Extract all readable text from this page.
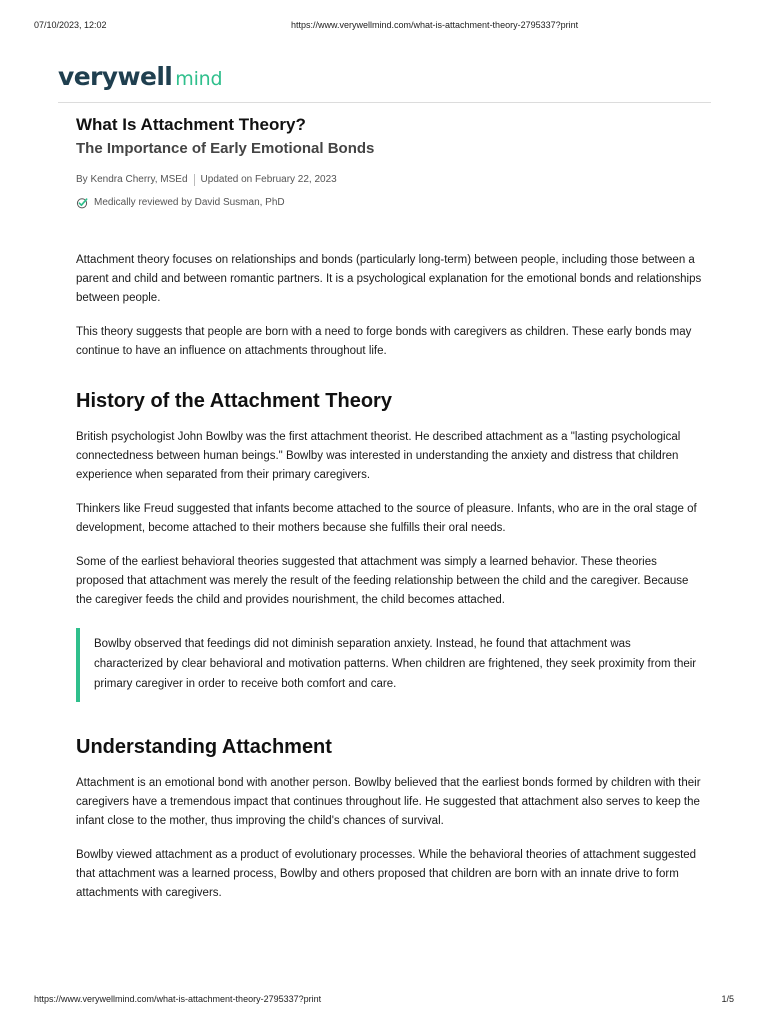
07/10/2023, 12:02	https://www.verywellmind.com/what-is-attachment-theory-2795337?print
verywell mind
What Is Attachment Theory?
The Importance of Early Emotional Bonds
By Kendra Cherry, MSEd Updated on February 22, 2023
Medically reviewed by David Susman, PhD

Attachment theory focuses on relationships and bonds (particularly long-term) between people, including those between a parent and child and between romantic partners. It is a psychological explanation for the emotional bonds and relationships between people.

This theory suggests that people are born with a need to forge bonds with caregivers as children. These early bonds may continue to have an influence on attachments throughout life.

History of the Attachment Theory

British psychologist John Bowlby was the first attachment theorist. He described attachment as a "lasting psychological connectedness between human beings." Bowlby was interested in understanding the anxiety and distress that children experience when separated from their primary caregivers.

Thinkers like Freud suggested that infants become attached to the source of pleasure. Infants, who are in the oral stage of development, become attached to their mothers because she fulfills their oral needs.

Some of the earliest behavioral theories suggested that attachment was simply a learned behavior. These theories proposed that attachment was merely the result of the feeding relationship between the child and the caregiver. Because the caregiver feeds the child and provides nourishment, the child becomes attached.

Bowlby observed that feedings did not diminish separation anxiety. Instead, he found that attachment was characterized by clear behavioral and motivation patterns. When children are frightened, they seek proximity from their primary caregiver in order to receive both comfort and care.

Understanding Attachment

Attachment is an emotional bond with another person. Bowlby believed that the earliest bonds formed by children with their caregivers have a tremendous impact that continues throughout life. He suggested that attachment also serves to keep the infant close to the mother, thus improving the child's chances of survival.

Bowlby viewed attachment as a product of evolutionary processes. While the behavioral theories of attachment suggested that attachment was a learned process, Bowlby and others proposed that children are born with an innate drive to form attachments with caregivers.

https://www.verywellmind.com/what-is-attachment-theory-2795337?print	1/5
